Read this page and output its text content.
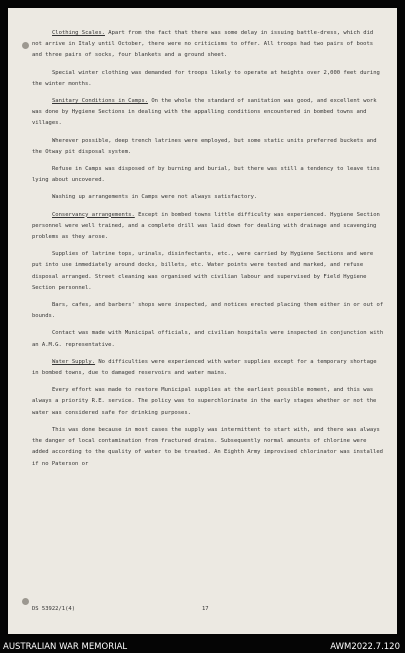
Clothing Scales. Apart from the fact that there was some delay in issuing battle-dress, which did not arrive in Italy until October, there were no criticisms to offer. All troops had two pairs of boots and three pairs of socks, four blankets and a ground sheet.

Special winter clothing was demanded for troops likely to operate at heights over 2,000 feet during the winter months.

Sanitary Conditions in Camps. On the whole the standard of sanitation was good, and excellent work was done by Hygiene Sections in dealing with the appalling conditions encountered in bombed towns and villages.

Wherever possible, deep trench latrines were employed, but some static units preferred buckets and the Otway pit disposal system.

Refuse in Camps was disposed of by burning and burial, but there was still a tendency to leave tins lying about uncovered.

Washing up arrangements in Camps were not always satisfactory.

Conservancy arrangements. Except in bombed towns little difficulty was experienced. Hygiene Section personnel were well trained, and a complete drill was laid down for dealing with drainage and scavenging problems as they arose.

Supplies of latrine tops, urinals, disinfectants, etc., were carried by Hygiene Sections and were put into use immediately around docks, billets, etc. Water points were tested and marked, and refuse disposal arranged. Street cleaning was organised with civilian labour and supervised by Field Hygiene Section personnel.

Bars, cafes, and barbers' shops were inspected, and notices erected placing them either in or out of bounds.

Contact was made with Municipal officials, and civilian hospitals were inspected in conjunction with an A.M.G. representative.

Water Supply. No difficulties were experienced with water supplies except for a temporary shortage in bombed towns, due to damaged reservoirs and water mains.

Every effort was made to restore Municipal supplies at the earliest possible moment, and this was always a priority R.E. service. The policy was to superchlorinate in the early stages whether or not the water was considered safe for drinking purposes.

This was done because in most cases the supply was intermittent to start with, and there was always the danger of local contamination from fractured drains. Subsequently normal amounts of chlorine were added according to the quality of water to be treated. An Eighth Army improvised chlorinator was installed if no Paterson or

DS 53922/1(4)	17
AUSTRALIAN WAR MEMORIAL	AWM2022.7.120
